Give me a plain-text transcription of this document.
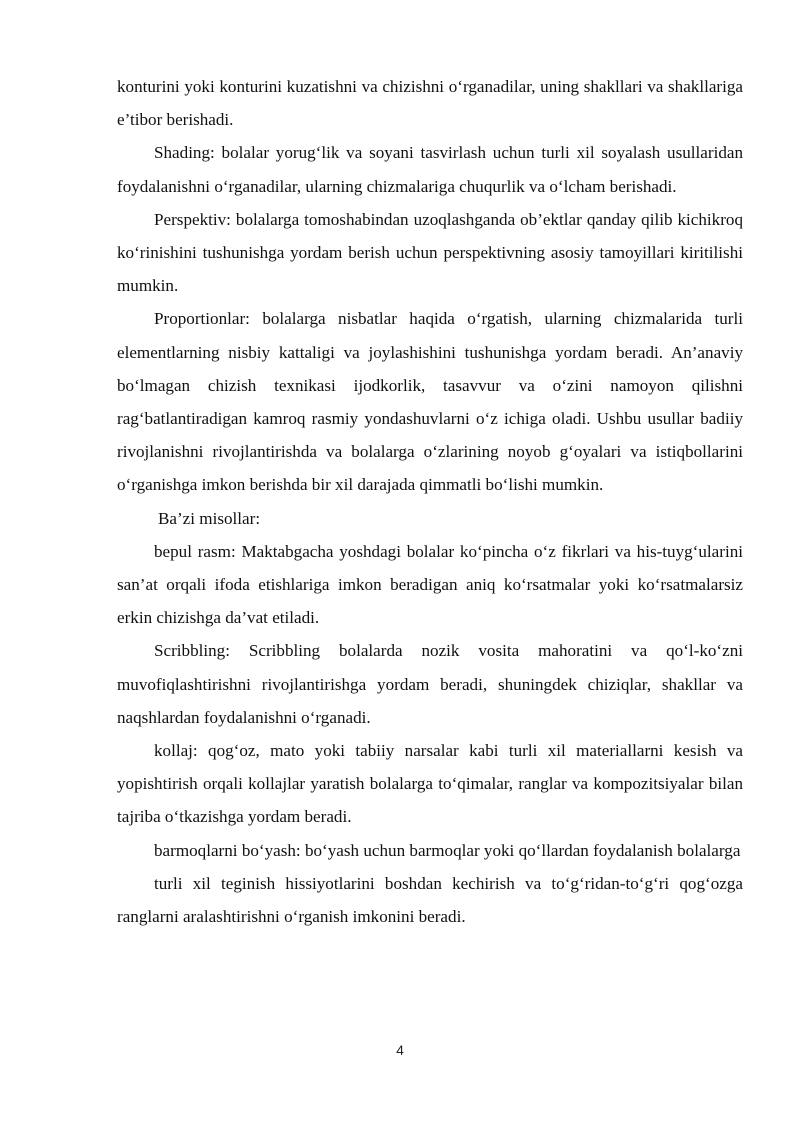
konturini yoki konturini kuzatishni va chizishni o‘rganadilar, uning shakllari va shakllariga e’tibor berishadi.

Shading: bolalar yorug‘lik va soyani tasvirlash uchun turli xil soyalash usullaridan foydalanishni o‘rganadilar, ularning chizmalariga chuqurlik va o‘lcham berishadi.

Perspektiv: bolalarga tomoshabindan uzoqlashganda ob’ektlar qanday qilib kichikroq ko‘rinishini tushunishga yordam berish uchun perspektivning asosiy tamoyillari kiritilishi mumkin.

Proportionlar: bolalarga nisbatlar haqida o‘rgatish, ularning chizmalarida turli elementlarning nisbiy kattaligi va joylashishini tushunishga yordam beradi. An’anaviy bo‘lmagan chizish texnikasi ijodkorlik, tasavvur va o‘zini namoyon qilishni rag‘batlantiradigan kamroq rasmiy yondashuvlarni o‘z ichiga oladi. Ushbu usullar badiiy rivojlanishni rivojlantirishda va bolalarga o‘zlarining noyob g‘oyalari va istiqbollarini o‘rganishga imkon berishda bir xil darajada qimmatli bo‘lishi mumkin.

Ba’zi misollar:

bepul rasm: Maktabgacha yoshdagi bolalar ko‘pincha o‘z fikrlari va his-tuyg‘ularini san’at orqali ifoda etishlariga imkon beradigan aniq ko‘rsatmalar yoki ko‘rsatmalarsiz erkin chizishga da’vat etiladi.

Scribbling: Scribbling bolalarda nozik vosita mahoratini va qo‘l-ko‘zni muvofiqlashtirishni rivojlantirishga yordam beradi, shuningdek chiziqlar, shakllar va naqshlardan foydalanishni o‘rganadi.

kollaj: qog‘oz, mato yoki tabiiy narsalar kabi turli xil materiallarni kesish va yopishtirish orqali kollajlar yaratish bolalarga to‘qimalar, ranglar va kompozitsiyalar bilan tajriba o‘tkazishga yordam beradi.

barmoqlarni bo‘yash: bo‘yash uchun barmoqlar yoki qo‘llardan foydalanish bolalarga

turli xil teginish hissiyotlarini boshdan kechirish va to‘g‘ridan-to‘g‘ri qog‘ozga ranglarni aralashtirishni o‘rganish imkonini beradi.

4
